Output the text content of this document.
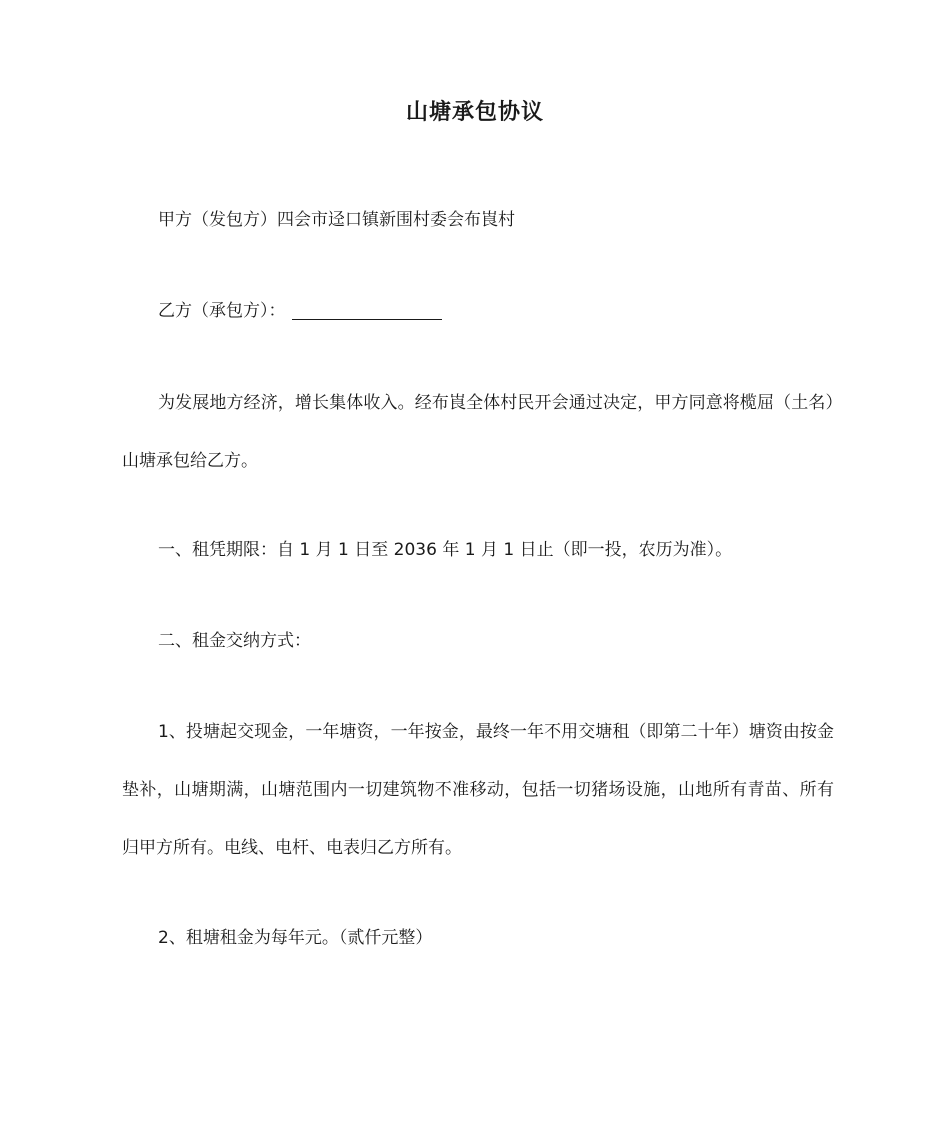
山塘承包协议

甲方（发包方）四会市迳口镇新围村委会布崀村

乙方（承包方）：

为发展地方经济，增长集体收入。经布崀全体村民开会通过决定，甲方同意将榄屈（土名）山塘承包给乙方。

一、租凭期限：自 1 月 1 日至 2036 年 1 月 1 日止（即一投，农历为准）。

二、租金交纳方式：

1、投塘起交现金，一年塘资，一年按金，最终一年不用交塘租（即第二十年）塘资由按金垫补，山塘期满，山塘范围内一切建筑物不准移动，包括一切猪场设施，山地所有青苗、所有归甲方所有。电线、电杆、电表归乙方所有。

2、租塘租金为每年元。（贰仟元整）
